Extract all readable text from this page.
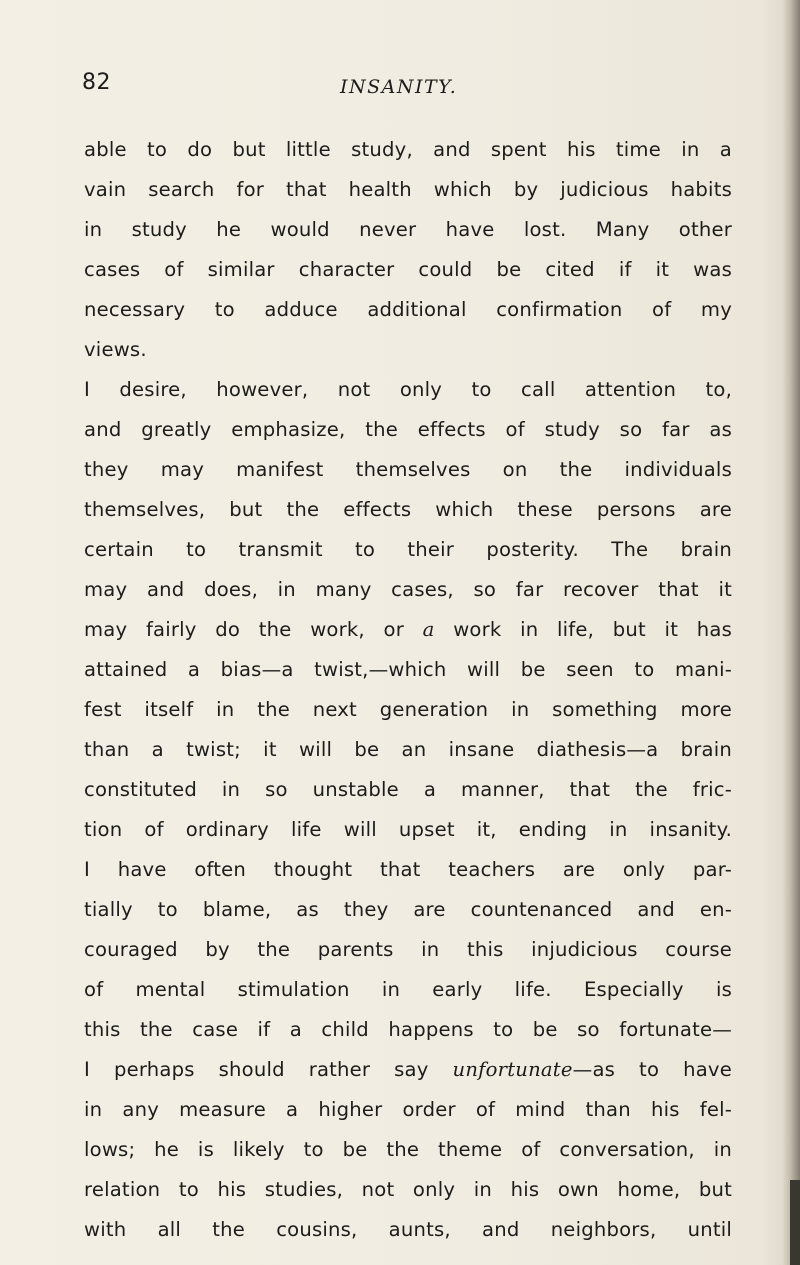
82	INSANITY.
able to do but little study, and spent his time in a
vain search for that health which by judicious habits
in study he would never have lost. Many other
cases of similar character could be cited if it was
necessary to adduce additional confirmation of my
views.
I desire, however, not only to call attention to,
and greatly emphasize, the effects of study so far as
they may manifest themselves on the individuals
themselves, but the effects which these persons are
certain to transmit to their posterity. The brain
may and does, in many cases, so far recover that it
may fairly do the work, or a work in life, but it has
attained a bias—a twist,—which will be seen to mani-
fest itself in the next generation in something more
than a twist; it will be an insane diathesis—a brain
constituted in so unstable a manner, that the fric-
tion of ordinary life will upset it, ending in insanity.
I have often thought that teachers are only par-
tially to blame, as they are countenanced and en-
couraged by the parents in this injudicious course
of mental stimulation in early life. Especially is
this the case if a child happens to be so fortunate—
I perhaps should rather say unfortunate—as to have
in any measure a higher order of mind than his fel-
lows; he is likely to be the theme of conversation, in
relation to his studies, not only in his own home, but
with all the cousins, aunts, and neighbors, until
